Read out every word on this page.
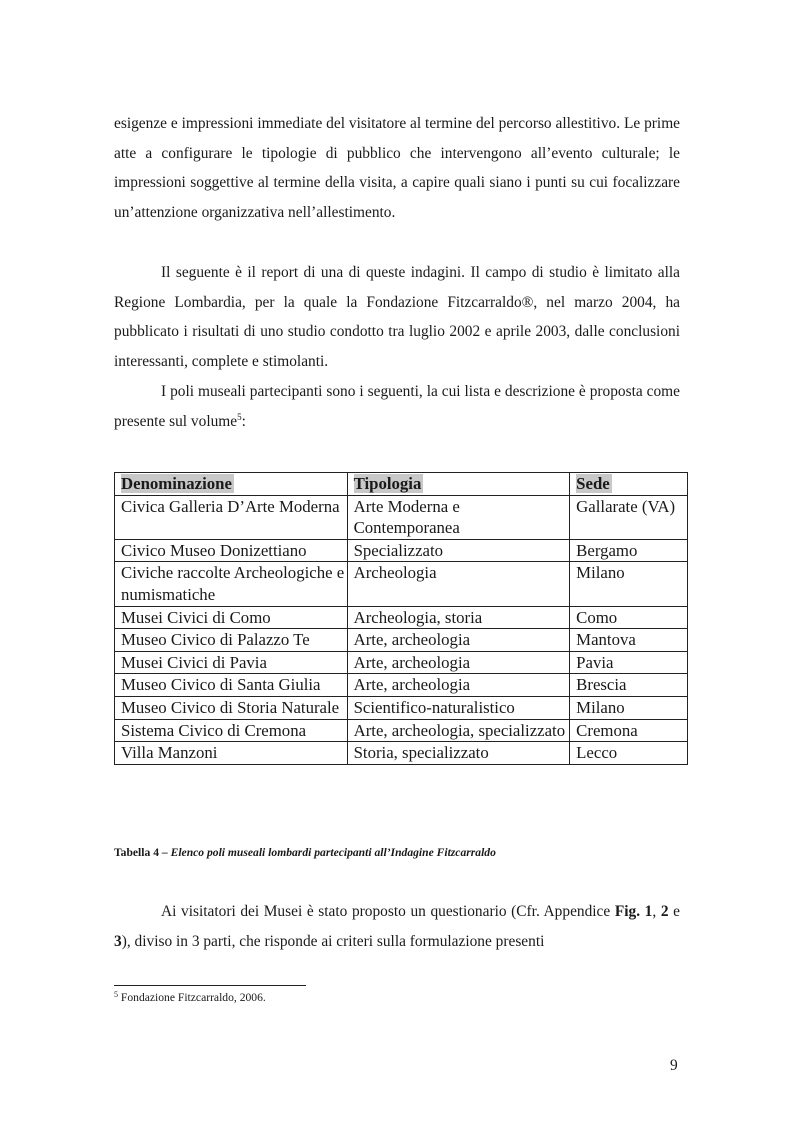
esigenze e impressioni immediate del visitatore al termine del percorso allestitivo. Le prime atte a configurare le tipologie di pubblico che intervengono all’evento culturale; le impressioni soggettive al termine della visita, a capire quali siano i punti su cui focalizzare un’attenzione organizzativa nell’allestimento.

Il seguente è il report di una di queste indagini. Il campo di studio è limitato alla Regione Lombardia, per la quale la Fondazione Fitzcarraldo®, nel marzo 2004, ha pubblicato i risultati di uno studio condotto tra luglio 2002 e aprile 2003, dalle conclusioni interessanti, complete e stimolanti.

I poli museali partecipanti sono i seguenti, la cui lista e descrizione è proposta come presente sul volume$^5$:

Denominazione	Tipologia	Sede
Civica Galleria D’Arte Moderna	Arte Moderna e Contemporanea	Gallarate (VA)
Civico Museo Donizettiano	Specializzato	Bergamo
Civiche raccolte Archeologiche e numismatiche	Archeologia	Milano
Musei Civici di Como	Archeologia, storia	Como
Museo Civico di Palazzo Te	Arte, archeologia	Mantova
Musei Civici di Pavia	Arte, archeologia	Pavia
Museo Civico di Santa Giulia	Arte, archeologia	Brescia
Museo Civico di Storia Naturale	Scientifico-naturalistico	Milano
Sistema Civico di Cremona	Arte, archeologia, specializzato	Cremona
Villa Manzoni	Storia, specializzato	Lecco

Tabella 4 – Elenco poli museali lombardi partecipanti all’Indagine Fitzcarraldo

Ai visitatori dei Musei è stato proposto un questionario (Cfr. Appendice Fig. 1, 2 e 3), diviso in 3 parti, che risponde ai criteri sulla formulazione presenti

$^5$ Fondazione Fitzcarraldo, 2006.

9
